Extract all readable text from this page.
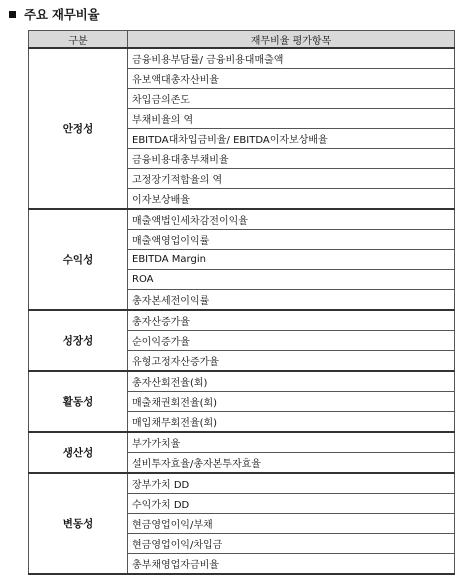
주요 재무비율
구분	재무비율 평가항목
안정성	금융비용부담률/ 금융비용대매출액
	유보액대총자산비율
	차입금의존도
	부채비율의 역
	EBITDA대차입금비율/ EBITDA이자보상배율
	금융비용대총부채비율
	고정장기적합율의 역
	이자보상배율
수익성	매출액법인세차감전이익율
	매출액영업이익률
	EBITDA Margin
	ROA
	총자본세전이익률
성장성	총자산증가율
	순이익증가율
	유형고정자산증가율
활동성	총자산회전율(회)
	매출채권회전율(회)
	매입채무회전율(회)
생산성	부가가치율
	설비투자효율/총자본투자효율
변동성	장부가치 DD
	수익가치 DD
	현금영업이익/부채
	현금영업이익/차입금
	총부채영업자금비율
